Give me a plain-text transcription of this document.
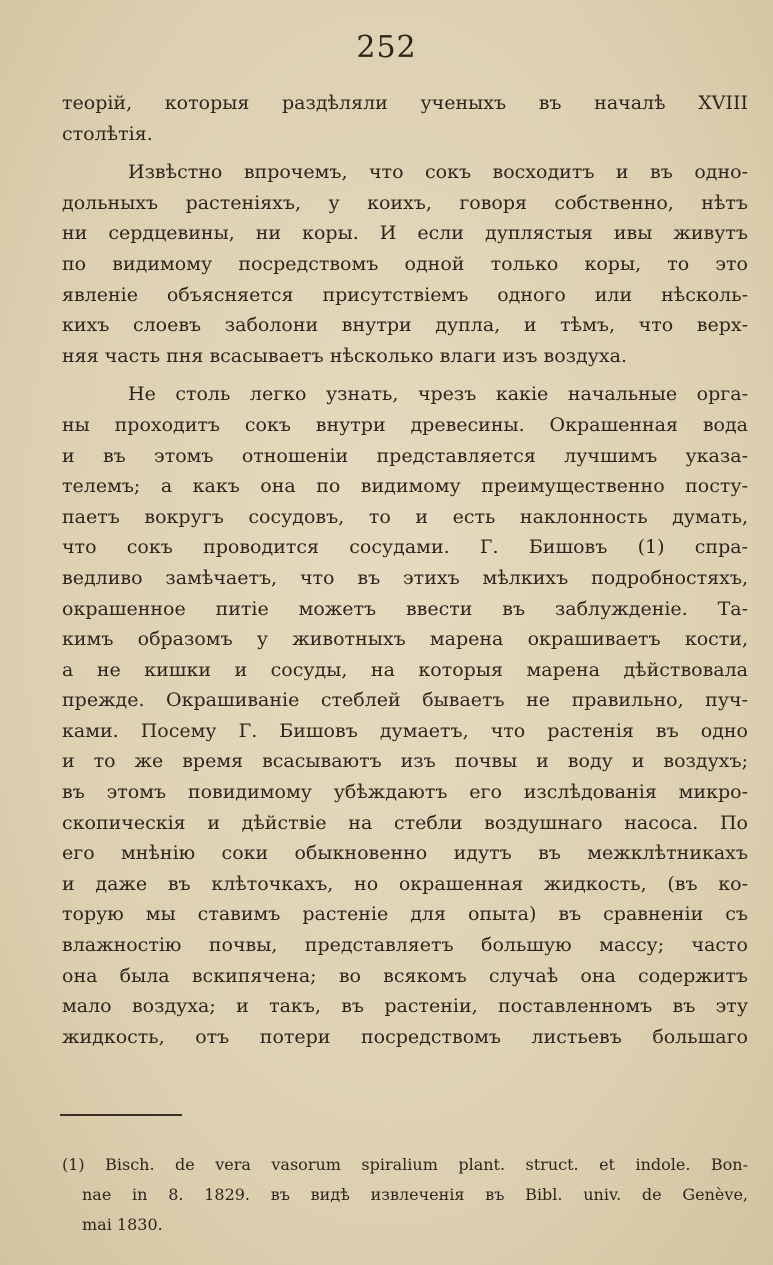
252
теорій, которыя раздѣляли ученыхъ въ началѣ XVIII
столѣтія.
Извѣстно впрочемъ, что сокъ восходитъ и въ одно-
дольныхъ растеніяхъ, у коихъ, говоря собственно, нѣтъ
ни сердцевины, ни коры. И если дуплястыя ивы живутъ
по видимому посредствомъ одной только коры, то это
явленіе объясняется присутствіемъ одного или нѣсколь-
кихъ слоевъ заболони внутри дупла, и тѣмъ, что верх-
няя часть пня всасываетъ нѣсколько влаги изъ воздуха.
Не столь легко узнать, чрезъ какіе начальные орга-
ны проходитъ сокъ внутри древесины. Окрашенная вода
и въ этомъ отношеніи представляется лучшимъ указа-
телемъ; а какъ она по видимому преимущественно посту-
паетъ вокругъ сосудовъ, то и есть наклонность думать,
что сокъ проводится сосудами. Г. Бишовъ (1) спра-
ведливо замѣчаетъ, что въ этихъ мѣлкихъ подробностяхъ,
окрашенное питіе можетъ ввести въ заблужденіе. Та-
кимъ образомъ у животныхъ марена окрашиваетъ кости,
а не кишки и сосуды, на которыя марена дѣйствовала
прежде. Окрашиваніе стеблей бываетъ не правильно, пуч-
ками. Посему Г. Бишовъ думаетъ, что растенія въ одно
и то же время всасываютъ изъ почвы и воду и воздухъ;
въ этомъ повидимому убѣждаютъ его изслѣдованія микро-
скопическія и дѣйствіе на стебли воздушнаго насоса. По
его мнѣнію соки обыкновенно идутъ въ межклѣтникахъ
и даже въ клѣточкахъ, но окрашенная жидкость, (въ ко-
торую мы ставимъ растеніе для опыта) въ сравненіи съ
влажностію почвы, представляетъ большую массу; часто
она была вскипячена; во всякомъ случаѣ она содержитъ
мало воздуха; и такъ, въ растеніи, поставленномъ въ эту
жидкость, отъ потери посредствомъ листьевъ большаго
(1) Bisch. de vera vasorum spiralium plant. struct. et indole. Bon-
nae in 8. 1829. въ видѣ извлеченія въ Bibl. univ. de Genève,
mai 1830.
